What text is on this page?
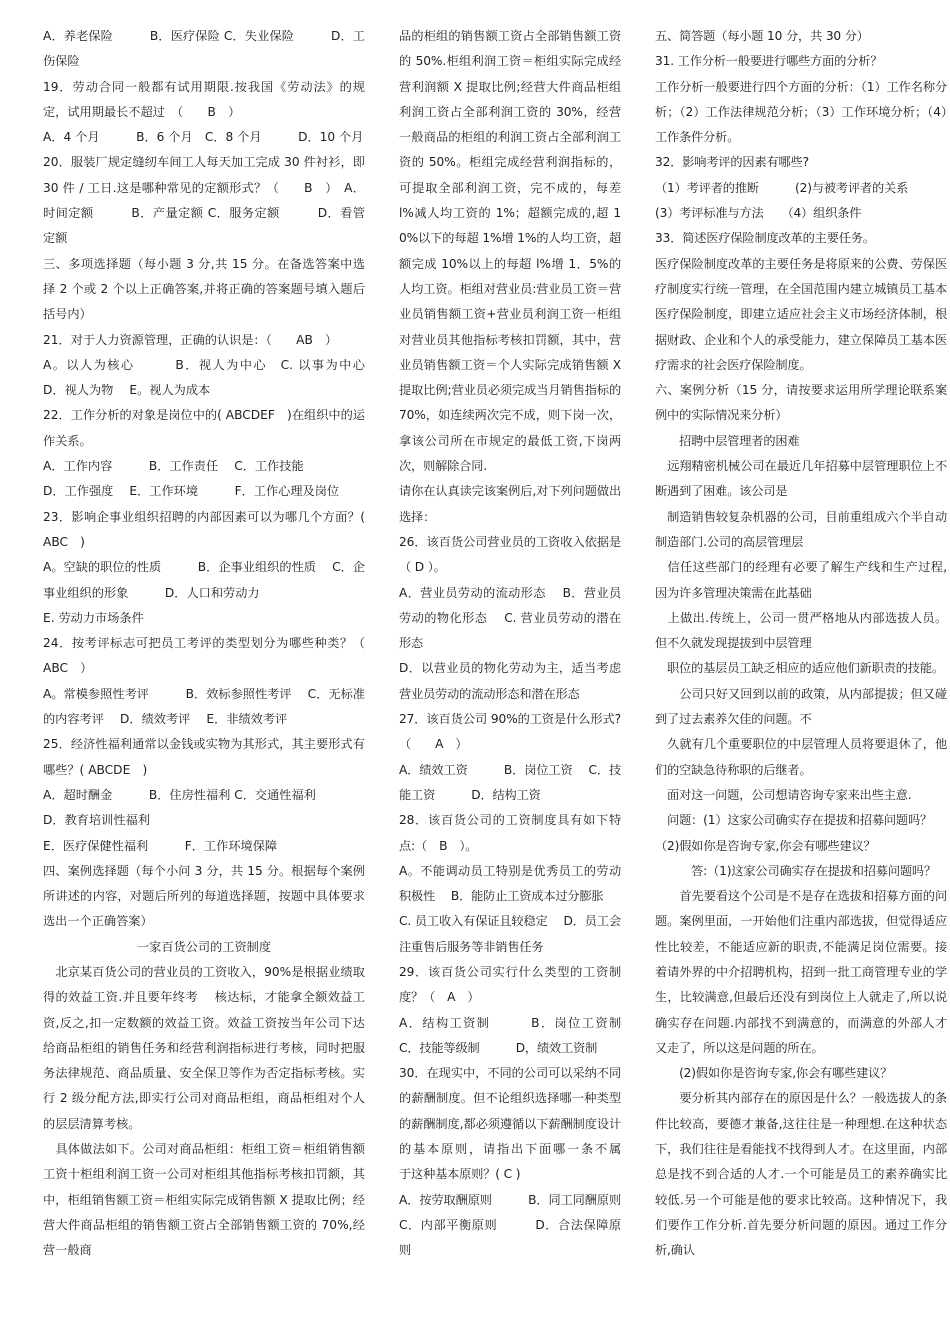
A．养老保险　　　B．医疗保险 C．失业保险　　　D．工伤保险

19．劳动合同一般都有试用期限.按我国《劳动法》的规定，试用期最长不超过　（　　B　）

A．4 个月　　　B．6 个月　C．8 个月　　　D．10 个月

20．服装厂规定缝纫车间工人每天加工完成 30 件衬衫，即 30 件 / 工日.这是哪种常见的定额形式？（　　B　）　A．时间定额　　　B．产量定额 C．服务定额　　　D．看管定额

三、多项选择题（每小题 3 分,共 15 分。在备选答案中选择 2 个或 2 个以上正确答案,并将正确的答案题号填入题后括号内）

21．对于人力资源管理，正确的认识是：（　　AB　）

A。以人为核心　　　B．视人为中心　C. 以事为中心　　　D．视人为物　 E。视人为成本

22．工作分析的对象是岗位中的( ABCDEF　)在组织中的运作关系。

A．工作内容　　　B．工作责任　 C．工作技能

D．工作强度　 E．工作环境　　　F．工作心理及岗位

23．影响企事业组织招聘的内部因素可以为哪几个方面？(　ABC　)

A。空缺的职位的性质　　　B．企事业组织的性质　 C．企事业组织的形象　　　D．人口和劳动力

E. 劳动力市场条件

24．按考评标志可把员工考评的类型划分为哪些种类？（　ABC　）

A。常模参照性考评　　　B．效标参照性考评　 C．无标准的内容考评　 D．绩效考评　 E．非绩效考评

25．经济性福利通常以金钱或实物为其形式，其主要形式有哪些？( ABCDE　)

A．超时酬金　　　B．住房性福利 C．交通性福利

D．教育培训性福利

E．医疗保健性福利　　　F．工作环境保障

四、案例选择题（每个小问 3 分，共 15 分。根据每个案例所讲述的内容，对题后所列的每道选择题，按题中具体要求选出一个正确答案）

一家百货公司的工资制度

　北京某百货公司的营业员的工资收入，90%是根据业绩取得的效益工资.并且要年终考　 核达标，才能拿全额效益工资,反之,扣一定数额的效益工资。效益工资按当年公司下达给商品柜组的销售任务和经营利润指标进行考核，同时把服务法律规范、商品质量、安全保卫等作为否定指标考核。实行 2 级分配方法,即实行公司对商品柜组，商品柜组对个人的层层清算考核。

　具体做法如下。公司对商品柜组：柜组工资＝柜组销售额工资十柜组利润工资一公司对柜组其他指标考核扣罚额，其中，柜组销售额工资＝柜组实际完成销售额 X 提取比例；经营大件商品柜组的销售额工资占全部销售额工资的 70%,经营一般商

品的柜组的销售额工资占全部销售额工资的 50%.柜组利润工资＝柜组实际完成经营利润额 X 提取比例;经营大件商品柜组利润工资占全部利润工资的 30%，经营一般商品的柜组的利润工资占全部利润工资的 50%。柜组完成经营利润指标的，可提取全部利润工资，完不成的，每差 l%减人均工资的 1%；超额完成的,超 10%以下的每超 1%增 1%的人均工资，超额完成 10%以上的每超 l%增 1．5%的人均工资。柜组对营业员:营业员工资＝营业员销售额工资+营业员利润工资一柜组对营业员其他指标考核扣罚额，其中，营业员销售额工资＝个人实际完成销售额 X 提取比例;营业员必须完成当月销售指标的 70%，如连续两次完不成，则下岗一次，拿该公司所在市规定的最低工资,下岗两次，则解除合同.

请你在认真读完该案例后,对下列问题做出选择：

26．该百货公司营业员的工资收入依据是（ D ）。

A．营业员劳动的流动形态　 B．营业员劳动的物化形态　 C. 营业员劳动的潜在形态

D．以营业员的物化劳动为主，适当考虑营业员劳动的流动形态和潜在形态

27．该百货公司 90%的工资是什么形式?（　　A　）

A．绩效工资　　　B．岗位工资　 C．技能工资　　　D．结构工资

28．该百货公司的工资制度具有如下特点:（　B　）。

A。不能调动员工特别是优秀员工的劳动积极性　 B．能防止工资成本过分膨胀

C. 员工收入有保证且较稳定　 D．员工会注重售后服务等非销售任务

29．该百货公司实行什么类型的工资制度？（　A　）

A．结构工资制　　　B．岗位工资制　C．技能等级制　　　D，绩效工资制

30．在现实中，不同的公司可以采纳不同的薪酬制度。但不论组织选择哪一种类型　　的薪酬制度,都必须遵循以下薪酬制度设计的基本原则，请指出下面哪一条不属　　于这种基本原则？( C )

A．按劳取酬原则　　　B．同工同酬原则　 C．内部平衡原则　　　D．合法保障原则

五、简答题（每小题 10 分，共 30 分）

31. 工作分析一般要进行哪些方面的分析？

工作分析一般要进行四个方面的分析：（1）工作名称分析；（2）工作法律规范分析；（3）工作环境分析；（4）工作条件分析。

32．影响考评的因素有哪些?

（1）考评者的推断　　　(2)与被考评者的关系

(3）考评标准与方法　　（4）组织条件

33．简述医疗保险制度改革的主要任务。

医疗保险制度改革的主要任务是将原来的公费、劳保医疗制度实行统一管理，在全国范围内建立城镇员工基本医疗保险制度，即建立适应社会主义市场经济体制，根据财政、企业和个人的承受能力，建立保障员工基本医疗需求的社会医疗保险制度。

六、案例分析（15 分，请按要求运用所学理论联系案例中的实际情况来分析）

　　招聘中层管理者的困难

　远翔精密机械公司在最近几年招募中层管理职位上不断遇到了困难。该公司是

　制造销售较复杂机器的公司，目前重组成六个半自动制造部门.公司的高层管理层

　信任这些部门的经理有必要了解生产线和生产过程,因为许多管理决策需在此基础

　上做出.传统上，公司一贯严格地从内部选拔人员。但不久就发现提拔到中层管理

　职位的基层员工缺乏相应的适应他们新职责的技能。

　　公司只好又回到以前的政策，从内部提拔；但又碰到了过去素养欠佳的问题。不

　久就有几个重要职位的中层管理人员将要退休了，他们的空缺急待称职的后继者。

　面对这一问题，公司想请咨询专家来出些主意.

　问题：(1）这家公司确实存在提拔和招募问题吗？

（2)假如你是咨询专家,你会有哪些建议？

　　　答:（1)这家公司确实存在提拔和招募问题吗？

　　首先要看这个公司是不是存在选拔和招募方面的问题。案例里面，一开始他们注重内部选拔，但觉得适应性比较差，不能适应新的职责,不能满足岗位需要。接着请外界的中介招聘机构，招到一批工商管理专业的学生，比较满意,但最后还没有到岗位上人就走了,所以说确实存在问题.内部找不到满意的，而满意的外部人才又走了，所以这是问题的所在。

　　(2)假如你是咨询专家,你会有哪些建议？

　　要分析其内部存在的原因是什么？一般选拔人的条件比较高，要德才兼备,这往往是一种理想.在这种状态下，我们往往是看能找不找得到人才。在这里面，内部总是找不到合适的人才.一个可能是员工的素养确实比较低.另一个可能是他的要求比较高。这种情况下，我们要作工作分析.首先要分析问题的原因。通过工作分析,确认
